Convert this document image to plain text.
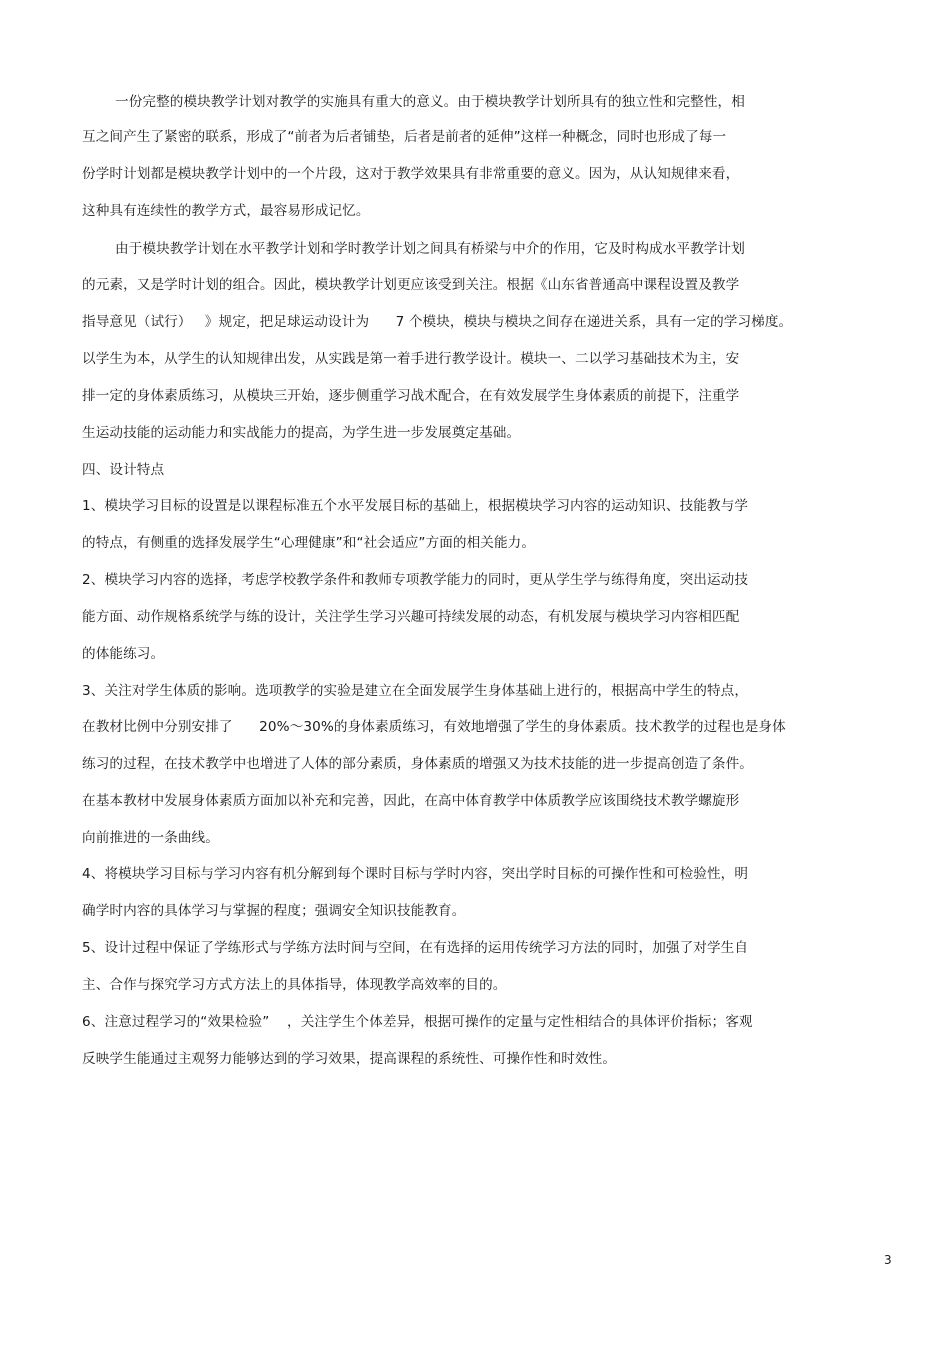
一份完整的模块教学计划对教学的实施具有重大的意义。由于模块教学计划所具有的独立性和完整性，相
互之间产生了紧密的联系，形成了“前者为后者铺垫，后者是前者的延伸”这样一种概念，同时也形成了每一
份学时计划都是模块教学计划中的一个片段，这对于教学效果具有非常重要的意义。因为，从认知规律来看，
这种具有连续性的教学方式，最容易形成记忆。
由于模块教学计划在水平教学计划和学时教学计划之间具有桥梁与中介的作用，它及时构成水平教学计划
的元素，又是学时计划的组合。因此，模块教学计划更应该受到关注。根据《山东省普通高中课程设置及教学
指导意见（试行）   》规定，把足球运动设计为      7 个模块，模块与模块之间存在递进关系，具有一定的学习梯度。
以学生为本，从学生的认知规律出发，从实践是第一着手进行教学设计。模块一、二以学习基础技术为主，安
排一定的身体素质练习，从模块三开始，逐步侧重学习战术配合，在有效发展学生身体素质的前提下，注重学
生运动技能的运动能力和实战能力的提高，为学生进一步发展奠定基础。
四、设计特点
1、模块学习目标的设置是以课程标准五个水平发展目标的基础上，根据模块学习内容的运动知识、技能教与学
的特点，有侧重的选择发展学生“心理健康”和“社会适应”方面的相关能力。
2、模块学习内容的选择，考虑学校教学条件和教师专项教学能力的同时，更从学生学与练得角度，突出运动技
能方面、动作规格系统学与练的设计，关注学生学习兴趣可持续发展的动态，有机发展与模块学习内容相匹配
的体能练习。
3、关注对学生体质的影响。选项教学的实验是建立在全面发展学生身体基础上进行的，根据高中学生的特点，
在教材比例中分别安排了      20%～30%的身体素质练习，有效地增强了学生的身体素质。技术教学的过程也是身体
练习的过程，在技术教学中也增进了人体的部分素质，身体素质的增强又为技术技能的进一步提高创造了条件。
在基本教材中发展身体素质方面加以补充和完善，因此，在高中体育教学中体质教学应该围绕技术教学螺旋形
向前推进的一条曲线。
4、将模块学习目标与学习内容有机分解到每个课时目标与学时内容，突出学时目标的可操作性和可检验性，明
确学时内容的具体学习与掌握的程度；强调安全知识技能教育。
5、设计过程中保证了学练形式与学练方法时间与空间，在有选择的运用传统学习方法的同时，加强了对学生自
主、合作与探究学习方式方法上的具体指导，体现教学高效率的目的。
6、注意过程学习的“效果检验”    ，关注学生个体差异，根据可操作的定量与定性相结合的具体评价指标；客观
反映学生能通过主观努力能够达到的学习效果，提高课程的系统性、可操作性和时效性。
3
